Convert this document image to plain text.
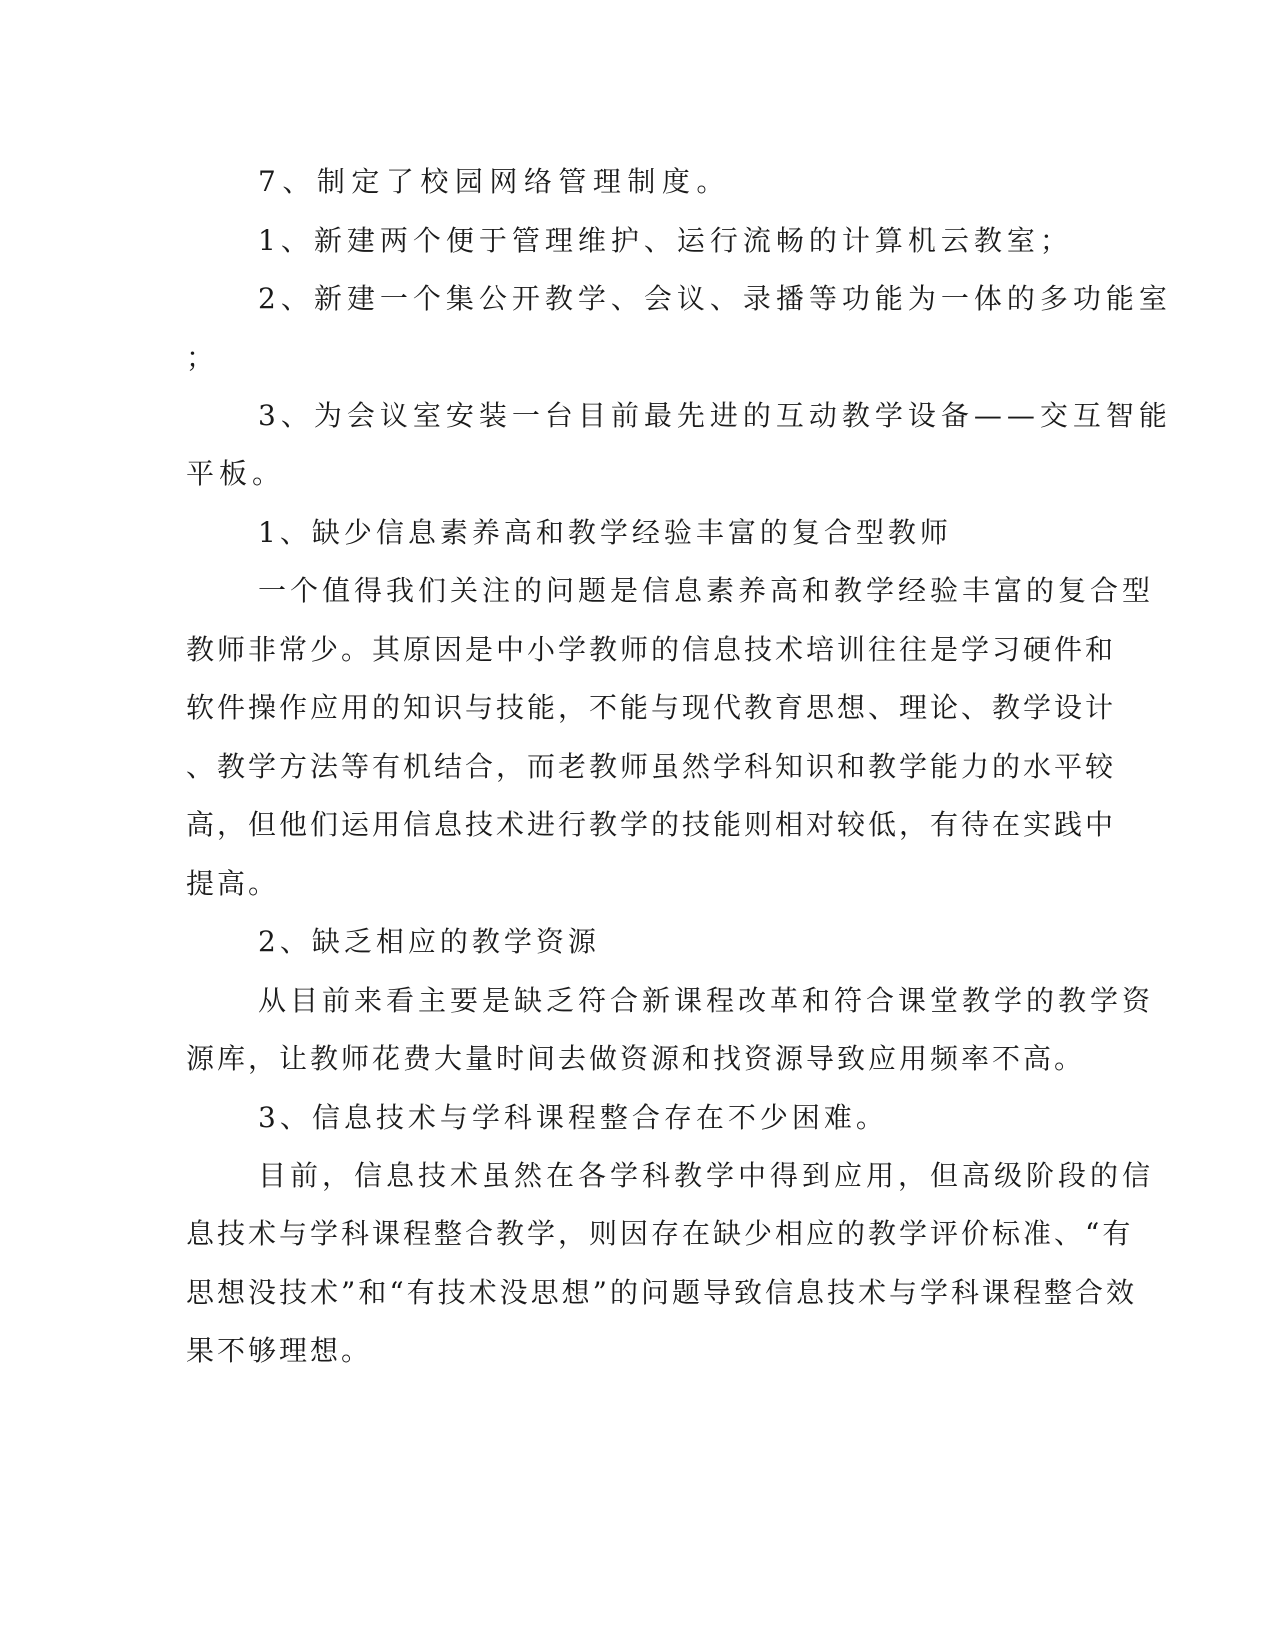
7、制定了校园网络管理制度。

1、新建两个便于管理维护、运行流畅的计算机云教室；

2、新建一个集公开教学、会议、录播等功能为一体的多功能室

；

3、为会议室安装一台目前最先进的互动教学设备——交互智能

平板。

1、缺少信息素养高和教学经验丰富的复合型教师

一个值得我们关注的问题是信息素养高和教学经验丰富的复合型

教师非常少。其原因是中小学教师的信息技术培训往往是学习硬件和

软件操作应用的知识与技能，不能与现代教育思想、理论、教学设计

、教学方法等有机结合，而老教师虽然学科知识和教学能力的水平较

高，但他们运用信息技术进行教学的技能则相对较低，有待在实践中

提高。

2、缺乏相应的教学资源

从目前来看主要是缺乏符合新课程改革和符合课堂教学的教学资

源库，让教师花费大量时间去做资源和找资源导致应用频率不高。

3、信息技术与学科课程整合存在不少困难。

目前，信息技术虽然在各学科教学中得到应用，但高级阶段的信

息技术与学科课程整合教学，则因存在缺少相应的教学评价标准、“有

思想没技术”和“有技术没思想”的问题导致信息技术与学科课程整合效

果不够理想。
